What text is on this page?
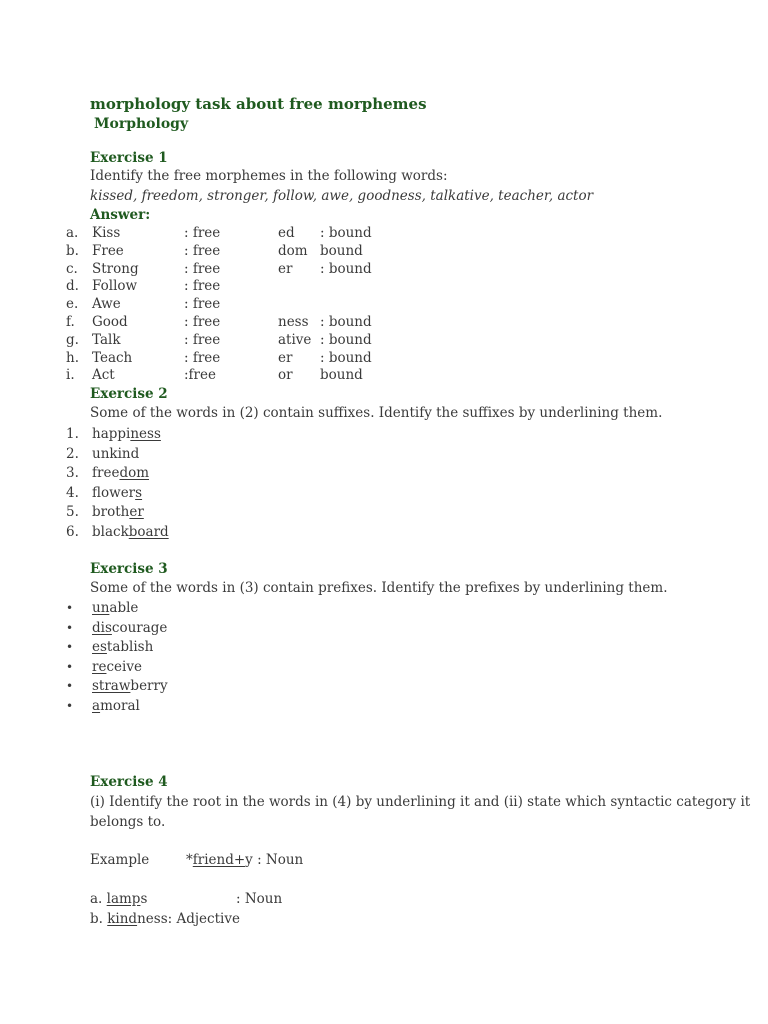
morphology task about free morphemes
Morphology
Exercise 1
Identify the free morphemes in the following words:
kissed, freedom, stronger, follow, awe, goodness, talkative, teacher, actor
Answer:
a. Kiss	: free	ed : bound
b. Free	: free	dom bound
c. Strong	: free	er : bound
d. Follow	: free
e. Awe	: free
f. Good	: free	ness : bound
g. Talk	: free	ative : bound
h. Teach	: free	er : bound
i. Act	:free	or bound
Exercise 2
Some of the words in (2) contain suffixes. Identify the suffixes by underlining them.
1. happiness
2. unkind
3. freedom
4. flowers
5. brother
6. blackboard
Exercise 3
Some of the words in (3) contain prefixes. Identify the prefixes by underlining them.
• unable
• discourage
• establish
• receive
• strawberry
• amoral
Exercise 4
(i) Identify the root in the words in (4) by underlining it and (ii) state which syntactic category it
belongs to.
Example	*friend+y : Noun
a. lamps	: Noun
b. kindness: Adjective
